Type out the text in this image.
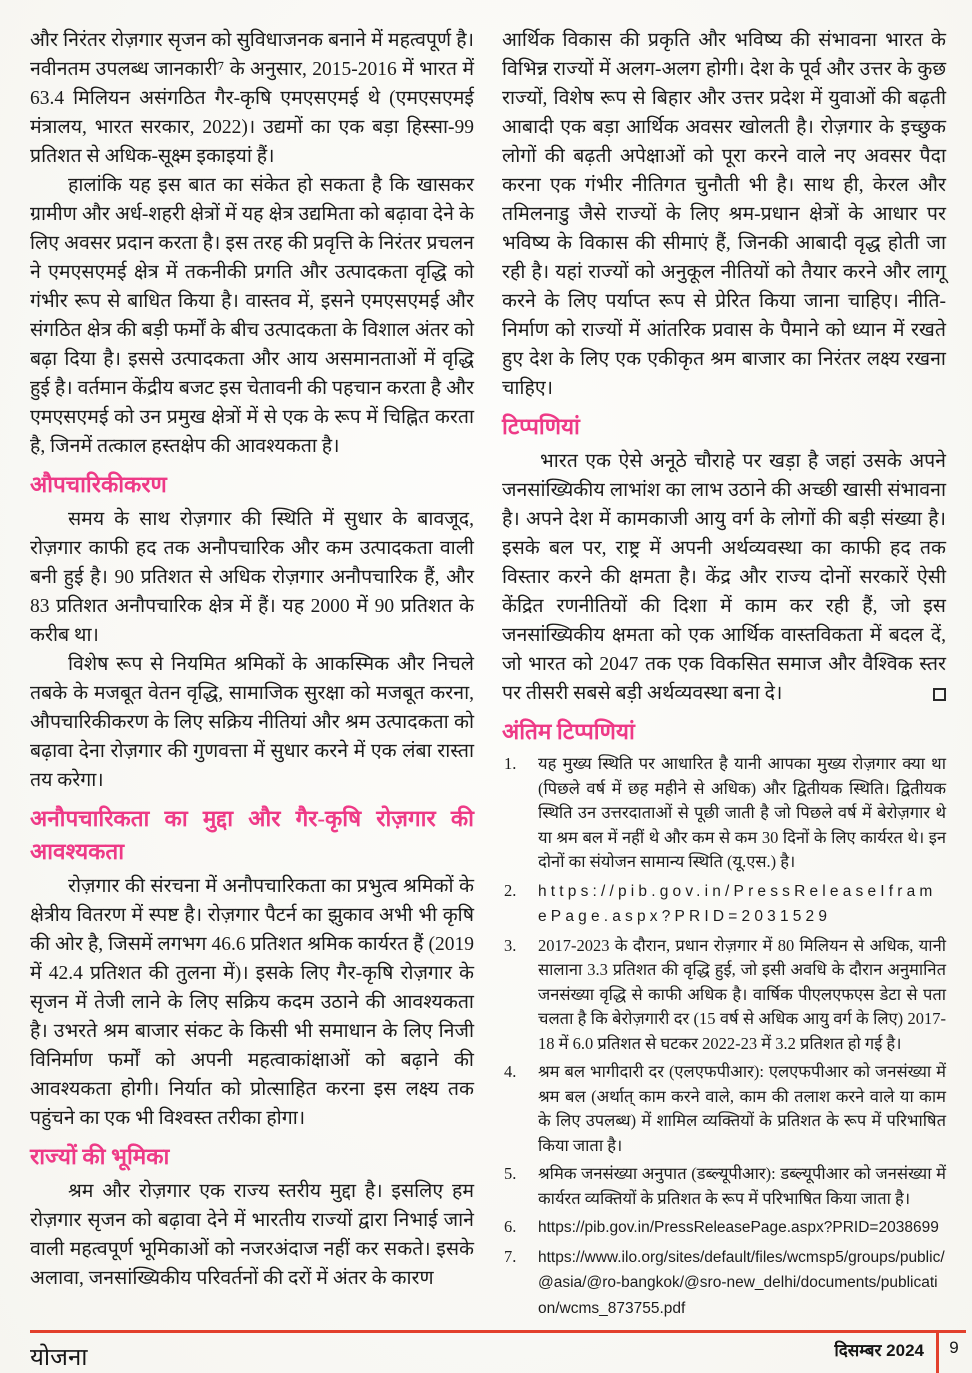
और निरंतर रोज़गार सृजन को सुविधाजनक बनाने में महत्वपूर्ण है। नवीनतम उपलब्ध जानकारी⁷ के अनुसार, 2015-2016 में भारत में 63.4 मिलियन असंगठित गैर-कृषि एमएसएमई थे (एमएसएमई मंत्रालय, भारत सरकार, 2022)। उद्यमों का एक बड़ा हिस्सा-99 प्रतिशत से अधिक-सूक्ष्म इकाइयां हैं।

हालांकि यह इस बात का संकेत हो सकता है कि खासकर ग्रामीण और अर्ध-शहरी क्षेत्रों में यह क्षेत्र उद्यमिता को बढ़ावा देने के लिए अवसर प्रदान करता है। इस तरह की प्रवृत्ति के निरंतर प्रचलन ने एमएसएमई क्षेत्र में तकनीकी प्रगति और उत्पादकता वृद्धि को गंभीर रूप से बाधित किया है। वास्तव में, इसने एमएसएमई और संगठित क्षेत्र की बड़ी फर्मों के बीच उत्पादकता के विशाल अंतर को बढ़ा दिया है। इससे उत्पादकता और आय असमानताओं में वृद्धि हुई है। वर्तमान केंद्रीय बजट इस चेतावनी की पहचान करता है और एमएसएमई को उन प्रमुख क्षेत्रों में से एक के रूप में चिह्नित करता है, जिनमें तत्काल हस्तक्षेप की आवश्यकता है।

औपचारिकीकरण

समय के साथ रोज़गार की स्थिति में सुधार के बावजूद, रोज़गार काफी हद तक अनौपचारिक और कम उत्पादकता वाली बनी हुई है। 90 प्रतिशत से अधिक रोज़गार अनौपचारिक हैं, और 83 प्रतिशत अनौपचारिक क्षेत्र में हैं। यह 2000 में 90 प्रतिशत के करीब था।

विशेष रूप से नियमित श्रमिकों के आकस्मिक और निचले तबके के मजबूत वेतन वृद्धि, सामाजिक सुरक्षा को मजबूत करना, औपचारिकीकरण के लिए सक्रिय नीतियां और श्रम उत्पादकता को बढ़ावा देना रोज़गार की गुणवत्ता में सुधार करने में एक लंबा रास्ता तय करेगा।

अनौपचारिकता का मुद्दा और गैर-कृषि रोज़गार की आवश्यकता

रोज़गार की संरचना में अनौपचारिकता का प्रभुत्व श्रमिकों के क्षेत्रीय वितरण में स्पष्ट है। रोज़गार पैटर्न का झुकाव अभी भी कृषि की ओर है, जिसमें लगभग 46.6 प्रतिशत श्रमिक कार्यरत हैं (2019 में 42.4 प्रतिशत की तुलना में)। इसके लिए गैर-कृषि रोज़गार के सृजन में तेजी लाने के लिए सक्रिय कदम उठाने की आवश्यकता है। उभरते श्रम बाजार संकट के किसी भी समाधान के लिए निजी विनिर्माण फर्मों को अपनी महत्वाकांक्षाओं को बढ़ाने की आवश्यकता होगी। निर्यात को प्रोत्साहित करना इस लक्ष्य तक पहुंचने का एक भी विश्वस्त तरीका होगा।

राज्यों की भूमिका

श्रम और रोज़गार एक राज्य स्तरीय मुद्दा है। इसलिए हम रोज़गार सृजन को बढ़ावा देने में भारतीय राज्यों द्वारा निभाई जाने वाली महत्वपूर्ण भूमिकाओं को नजरअंदाज नहीं कर सकते। इसके अलावा, जनसांख्यिकीय परिवर्तनों की दरों में अंतर के कारण

आर्थिक विकास की प्रकृति और भविष्य की संभावना भारत के विभिन्न राज्यों में अलग-अलग होगी। देश के पूर्व और उत्तर के कुछ राज्यों, विशेष रूप से बिहार और उत्तर प्रदेश में युवाओं की बढ़ती आबादी एक बड़ा आर्थिक अवसर खोलती है। रोज़गार के इच्छुक लोगों की बढ़ती अपेक्षाओं को पूरा करने वाले नए अवसर पैदा करना एक गंभीर नीतिगत चुनौती भी है। साथ ही, केरल और तमिलनाडु जैसे राज्यों के लिए श्रम-प्रधान क्षेत्रों के आधार पर भविष्य के विकास की सीमाएं हैं, जिनकी आबादी वृद्ध होती जा रही है। यहां राज्यों को अनुकूल नीतियों को तैयार करने और लागू करने के लिए पर्याप्त रूप से प्रेरित किया जाना चाहिए। नीति-निर्माण को राज्यों में आंतरिक प्रवास के पैमाने को ध्यान में रखते हुए देश के लिए एक एकीकृत श्रम बाजार का निरंतर लक्ष्य रखना चाहिए।

टिप्पणियां

भारत एक ऐसे अनूठे चौराहे पर खड़ा है जहां उसके अपने जनसांख्यिकीय लाभांश का लाभ उठाने की अच्छी खासी संभावना है। अपने देश में कामकाजी आयु वर्ग के लोगों की बड़ी संख्या है। इसके बल पर, राष्ट्र में अपनी अर्थव्यवस्था का काफी हद तक विस्तार करने की क्षमता है। केंद्र और राज्य दोनों सरकारें ऐसी केंद्रित रणनीतियों की दिशा में काम कर रही हैं, जो इस जनसांख्यिकीय क्षमता को एक आर्थिक वास्तविकता में बदल दें, जो भारत को 2047 तक एक विकसित समाज और वैश्विक स्तर पर तीसरी सबसे बड़ी अर्थव्यवस्था बना दे।

अंतिम टिप्पणियां
1. यह मुख्य स्थिति पर आधारित है यानी आपका मुख्य रोज़गार क्या था (पिछले वर्ष में छह महीने से अधिक) और द्वितीयक स्थिति। द्वितीयक स्थिति उन उत्तरदाताओं से पूछी जाती है जो पिछले वर्ष में बेरोज़गार थे या श्रम बल में नहीं थे और कम से कम 30 दिनों के लिए कार्यरत थे। इन दोनों का संयोजन सामान्य स्थिति (यू.एस.) है।
2. https://pib.gov.in/PressReleaseIframePage.aspx?PRID=2031529
3. 2017-2023 के दौरान, प्रधान रोज़गार में 80 मिलियन से अधिक, यानी सालाना 3.3 प्रतिशत की वृद्धि हुई, जो इसी अवधि के दौरान अनुमानित जनसंख्या वृद्धि से काफी अधिक है। वार्षिक पीएलएफएस डेटा से पता चलता है कि बेरोज़गारी दर (15 वर्ष से अधिक आयु वर्ग के लिए) 2017-18 में 6.0 प्रतिशत से घटकर 2022-23 में 3.2 प्रतिशत हो गई है।
4. श्रम बल भागीदारी दर (एलएफपीआर): एलएफपीआर को जनसंख्या में श्रम बल (अर्थात् काम करने वाले, काम की तलाश करने वाले या काम के लिए उपलब्ध) में शामिल व्यक्तियों के प्रतिशत के रूप में परिभाषित किया जाता है।
5. श्रमिक जनसंख्या अनुपात (डब्ल्यूपीआर): डब्ल्यूपीआर को जनसंख्या में कार्यरत व्यक्तियों के प्रतिशत के रूप में परिभाषित किया जाता है।
6. https://pib.gov.in/PressReleasePage.aspx?PRID=2038699
7. https://www.ilo.org/sites/default/files/wcmsp5/groups/public/@asia/@ro-bangkok/@sro-new_delhi/documents/publication/wcms_873755.pdf
योजना	दिसम्बर 2024	9
